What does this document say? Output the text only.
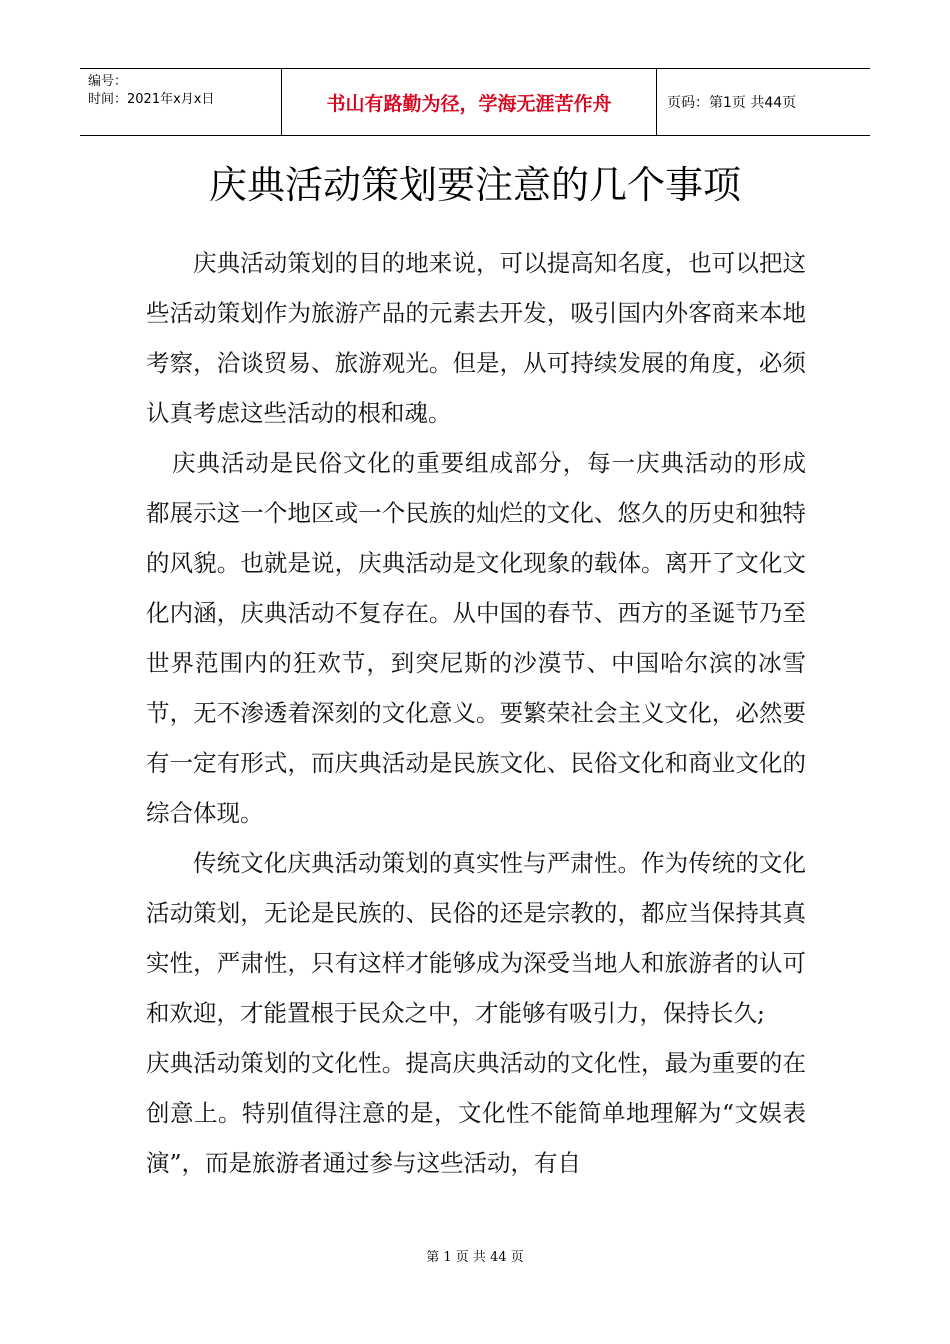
编号：
时间：2021年x月x日	书山有路勤为径，学海无涯苦作舟	页码：第1页 共44页
庆典活动策划要注意的几个事项

庆典活动策划的目的地来说，可以提高知名度，也可以把这些活动策划作为旅游产品的元素去开发，吸引国内外客商来本地考察，洽谈贸易、旅游观光。但是，从可持续发展的角度，必须认真考虑这些活动的根和魂。

庆典活动是民俗文化的重要组成部分，每一庆典活动的形成都展示这一个地区或一个民族的灿烂的文化、悠久的历史和独特的风貌。也就是说，庆典活动是文化现象的载体。离开了文化文化内涵，庆典活动不复存在。从中国的春节、西方的圣诞节乃至世界范围内的狂欢节，到突尼斯的沙漠节、中国哈尔滨的冰雪节，无不渗透着深刻的文化意义。要繁荣社会主义文化，必然要有一定有形式，而庆典活动是民族文化、民俗文化和商业文化的综合体现。

传统文化庆典活动策划的真实性与严肃性。作为传统的文化活动策划，无论是民族的、民俗的还是宗教的，都应当保持其真实性，严肃性，只有这样才能够成为深受当地人和旅游者的认可和欢迎，才能置根于民众之中，才能够有吸引力，保持长久;

庆典活动策划的文化性。提高庆典活动的文化性，最为重要的在创意上。特别值得注意的是，文化性不能简单地理解为“文娱表演”，而是旅游者通过参与这些活动，有自

第 1 页 共 44 页
